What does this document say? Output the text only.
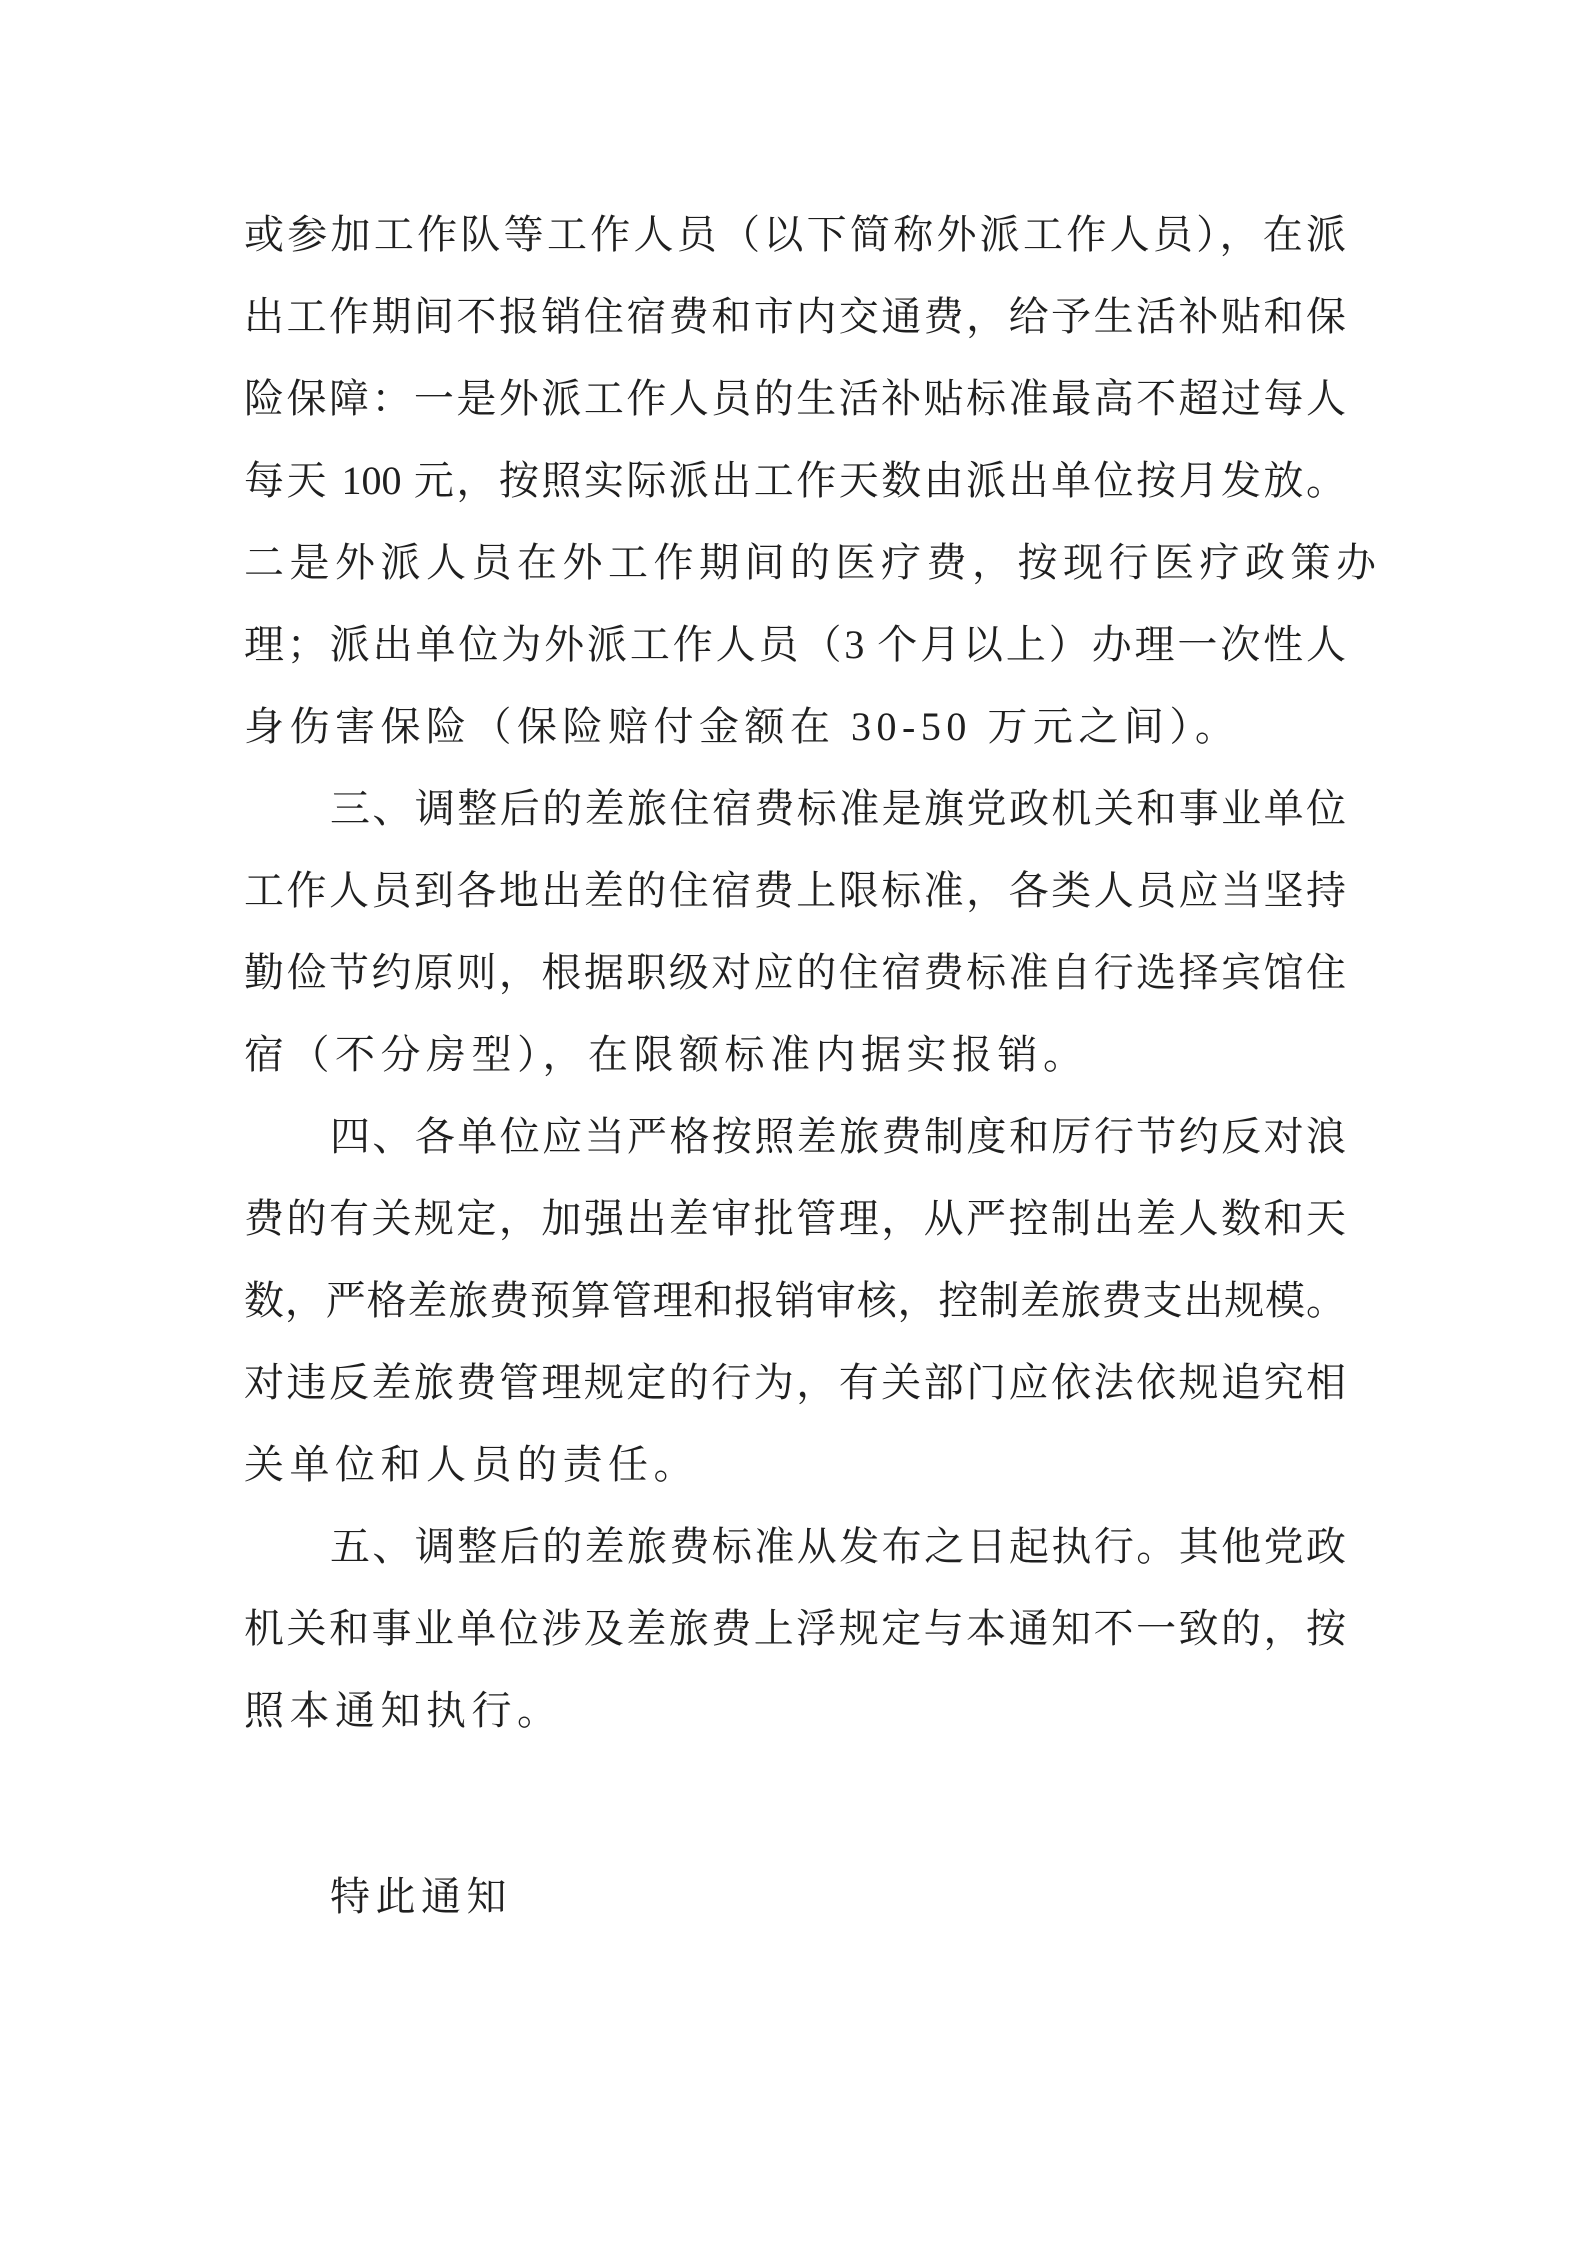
或参加工作队等工作人员（以下简称外派工作人员），在派
出工作期间不报销住宿费和市内交通费，给予生活补贴和保
险保障：一是外派工作人员的生活补贴标准最高不超过每人
每天 100 元，按照实际派出工作天数由派出单位按月发放。
二是外派人员在外工作期间的医疗费，按现行医疗政策办
理；派出单位为外派工作人员（3 个月以上）办理一次性人
身伤害保险（保险赔付金额在 30-50 万元之间）。
三、调整后的差旅住宿费标准是旗党政机关和事业单位
工作人员到各地出差的住宿费上限标准，各类人员应当坚持
勤俭节约原则，根据职级对应的住宿费标准自行选择宾馆住
宿（不分房型），在限额标准内据实报销。
四、各单位应当严格按照差旅费制度和厉行节约反对浪
费的有关规定，加强出差审批管理，从严控制出差人数和天
数，严格差旅费预算管理和报销审核，控制差旅费支出规模。
对违反差旅费管理规定的行为，有关部门应依法依规追究相
关单位和人员的责任。
五、调整后的差旅费标准从发布之日起执行。其他党政
机关和事业单位涉及差旅费上浮规定与本通知不一致的，按
照本通知执行。
特此通知
